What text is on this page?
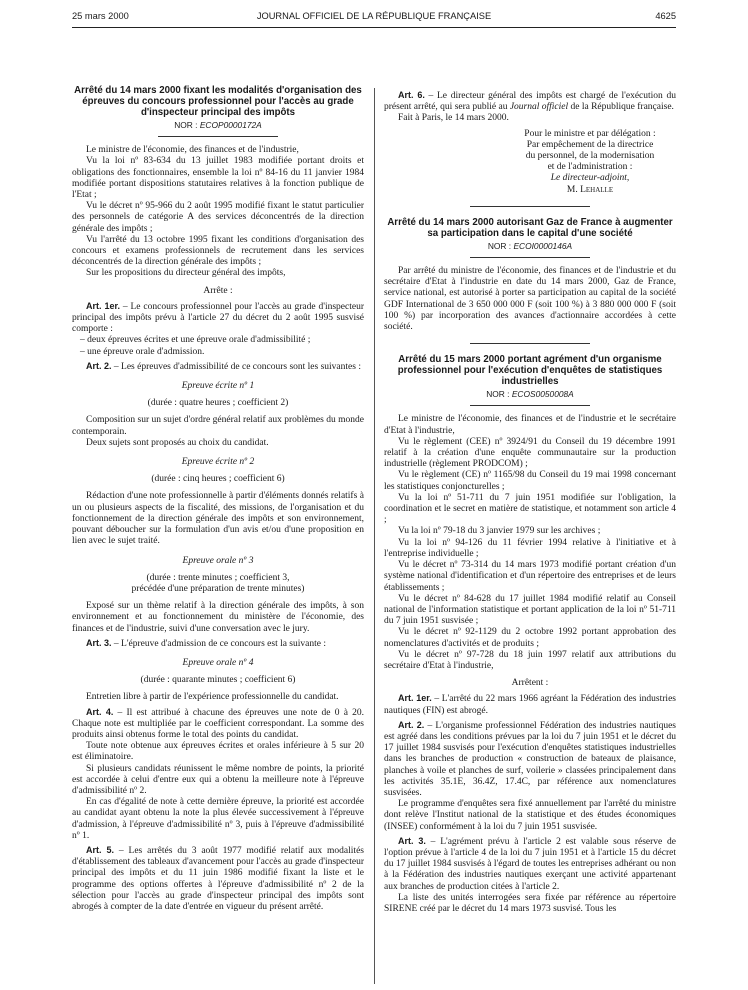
25 mars 2000	JOURNAL OFFICIEL DE LA RÉPUBLIQUE FRANÇAISE	4625

Arrêté du 14 mars 2000 fixant les modalités d'organisation des épreuves du concours professionnel pour l'accès au grade d'inspecteur principal des impôts

NOR : ECOP0000172A

Le ministre de l'économie, des finances et de l'industrie,

Vu la loi nº 83-634 du 13 juillet 1983 modifiée portant droits et obligations des fonctionnaires, ensemble la loi nº 84-16 du 11 janvier 1984 modifiée portant dispositions statutaires relatives à la fonction publique de l'Etat ;

Vu le décret nº 95-966 du 2 août 1995 modifié fixant le statut particulier des personnels de catégorie A des services déconcentrés de la direction générale des impôts ;

Vu l'arrêté du 13 octobre 1995 fixant les conditions d'organisation des concours et examens professionnels de recrutement dans les services déconcentrés de la direction générale des impôts ;

Sur les propositions du directeur général des impôts,

Arrête :

Art. 1er. – Le concours professionnel pour l'accès au grade d'inspecteur principal des impôts prévu à l'article 27 du décret du 2 août 1995 susvisé comporte :

– deux épreuves écrites et une épreuve orale d'admissibilité ;

– une épreuve orale d'admission.

Art. 2. – Les épreuves d'admissibilité de ce concours sont les suivantes :

Epreuve écrite nº 1

(durée : quatre heures ; coefficient 2)

Composition sur un sujet d'ordre général relatif aux problèmes du monde contemporain.

Deux sujets sont proposés au choix du candidat.

Epreuve écrite nº 2

(durée : cinq heures ; coefficient 6)

Rédaction d'une note professionnelle à partir d'éléments donnés relatifs à un ou plusieurs aspects de la fiscalité, des missions, de l'organisation et du fonctionnement de la direction générale des impôts et son environnement, pouvant déboucher sur la formulation d'un avis et/ou d'une proposition en lien avec le sujet traité.

Epreuve orale nº 3

(durée : trente minutes ; coefficient 3,

précédée d'une préparation de trente minutes)

Exposé sur un thème relatif à la direction générale des impôts, à son environnement et au fonctionnement du ministère de l'économie, des finances et de l'industrie, suivi d'une conversation avec le jury.

Art. 3. – L'épreuve d'admission de ce concours est la suivante :

Epreuve orale nº 4

(durée : quarante minutes ; coefficient 6)

Entretien libre à partir de l'expérience professionnelle du candidat.

Art. 4. – Il est attribué à chacune des épreuves une note de 0 à 20. Chaque note est multipliée par le coefficient correspondant. La somme des produits ainsi obtenus forme le total des points du candidat.

Toute note obtenue aux épreuves écrites et orales inférieure à 5 sur 20 est éliminatoire.

Si plusieurs candidats réunissent le même nombre de points, la priorité est accordée à celui d'entre eux qui a obtenu la meilleure note à l'épreuve d'admissibilité nº 2.

En cas d'égalité de note à cette dernière épreuve, la priorité est accordée au candidat ayant obtenu la note la plus élevée successivement à l'épreuve d'admission, à l'épreuve d'admissibilité nº 3, puis à l'épreuve d'admissibilité nº 1.

Art. 5. – Les arrêtés du 3 août 1977 modifié relatif aux modalités d'établissement des tableaux d'avancement pour l'accès au grade d'inspecteur principal des impôts et du 11 juin 1986 modifié fixant la liste et le programme des options offertes à l'épreuve d'admissibilité nº 2 de la sélection pour l'accès au grade d'inspecteur principal des impôts sont abrogés à compter de la date d'entrée en vigueur du présent arrêté.

Art. 6. – Le directeur général des impôts est chargé de l'exécution du présent arrêté, qui sera publié au Journal officiel de la République française.

Fait à Paris, le 14 mars 2000.

Pour le ministre et par délégation :

Par empêchement de la directrice

du personnel, de la modernisation

et de l'administration :

Le directeur-adjoint,

M. Lehalle

Arrêté du 14 mars 2000 autorisant Gaz de France à augmenter sa participation dans le capital d'une société

NOR : ECOI0000146A

Par arrêté du ministre de l'économie, des finances et de l'industrie et du secrétaire d'Etat à l'industrie en date du 14 mars 2000, Gaz de France, service national, est autorisé à porter sa participation au capital de la société GDF International de 3 650 000 000 F (soit 100 %) à 3 880 000 000 F (soit 100 %) par incorporation des avances d'actionnaire accordées à cette société.

Arrêté du 15 mars 2000 portant agrément d'un organisme professionnel pour l'exécution d'enquêtes de statistiques industrielles

NOR : ECOS0050008A

Le ministre de l'économie, des finances et de l'industrie et le secrétaire d'Etat à l'industrie,

Vu le règlement (CEE) nº 3924/91 du Conseil du 19 décembre 1991 relatif à la création d'une enquête communautaire sur la production industrielle (règlement PRODCOM) ;

Vu le règlement (CE) nº 1165/98 du Conseil du 19 mai 1998 concernant les statistiques conjoncturelles ;

Vu la loi nº 51-711 du 7 juin 1951 modifiée sur l'obligation, la coordination et le secret en matière de statistique, et notamment son article 4 ;

Vu la loi nº 79-18 du 3 janvier 1979 sur les archives ;

Vu la loi nº 94-126 du 11 février 1994 relative à l'initiative et à l'entreprise individuelle ;

Vu le décret nº 73-314 du 14 mars 1973 modifié portant création d'un système national d'identification et d'un répertoire des entreprises et de leurs établissements ;

Vu le décret nº 84-628 du 17 juillet 1984 modifié relatif au Conseil national de l'information statistique et portant application de la loi nº 51-711 du 7 juin 1951 susvisée ;

Vu le décret nº 92-1129 du 2 octobre 1992 portant approbation des nomenclatures d'activités et de produits ;

Vu le décret nº 97-728 du 18 juin 1997 relatif aux attributions du secrétaire d'Etat à l'industrie,

Arrêtent :

Art. 1er. – L'arrêté du 22 mars 1966 agréant la Fédération des industries nautiques (FIN) est abrogé.

Art. 2. – L'organisme professionnel Fédération des industries nautiques est agréé dans les conditions prévues par la loi du 7 juin 1951 et le décret du 17 juillet 1984 susvisés pour l'exécution d'enquêtes statistiques industrielles dans les branches de production « construction de bateaux de plaisance, planches à voile et planches de surf, voilerie » classées principalement dans les activités 35.1E, 36.4Z, 17.4C, par référence aux nomenclatures susvisées.

Le programme d'enquêtes sera fixé annuellement par l'arrêté du ministre dont relève l'Institut national de la statistique et des études économiques (INSEE) conformément à la loi du 7 juin 1951 susvisée.

Art. 3. – L'agrément prévu à l'article 2 est valable sous réserve de l'option prévue à l'article 4 de la loi du 7 juin 1951 et à l'article 15 du décret du 17 juillet 1984 susvisés à l'égard de toutes les entreprises adhérant ou non à la Fédération des industries nautiques exerçant une activité appartenant aux branches de production citées à l'article 2.

La liste des unités interrogées sera fixée par référence au répertoire SIRENE créé par le décret du 14 mars 1973 susvisé. Tous les
